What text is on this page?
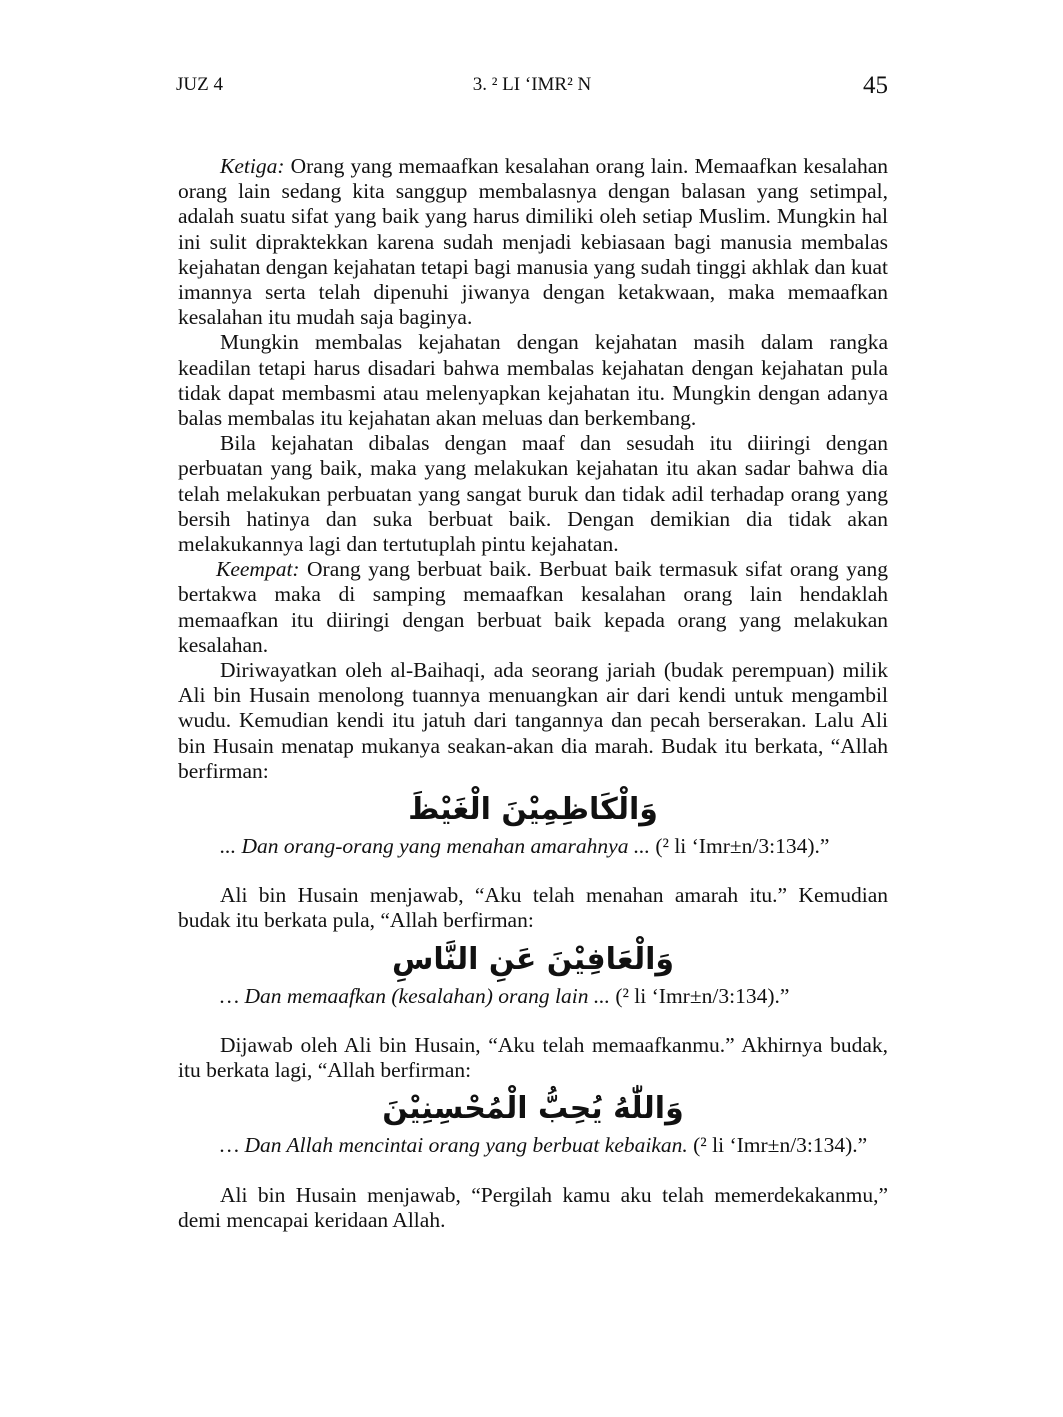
JUZ 4	3. ² LI ‘IMR² N	45

Ketiga: Orang yang memaafkan kesalahan orang lain. Memaafkan kesalahan orang lain sedang kita sanggup membalasnya dengan balasan yang setimpal, adalah suatu sifat yang baik yang harus dimiliki oleh setiap Muslim. Mungkin hal ini sulit dipraktekkan karena sudah menjadi kebiasaan bagi manusia membalas kejahatan dengan kejahatan tetapi bagi manusia yang sudah tinggi akhlak dan kuat imannya serta telah dipenuhi jiwanya dengan ketakwaan, maka memaafkan kesalahan itu mudah saja baginya.

Mungkin membalas kejahatan dengan kejahatan masih dalam rangka keadilan tetapi harus disadari bahwa membalas kejahatan dengan kejahatan pula tidak dapat membasmi atau melenyapkan kejahatan itu. Mungkin dengan adanya balas membalas itu kejahatan akan meluas dan berkembang.

Bila kejahatan dibalas dengan maaf dan sesudah itu diiringi dengan perbuatan yang baik, maka yang melakukan kejahatan itu akan sadar bahwa dia telah melakukan perbuatan yang sangat buruk dan tidak adil terhadap orang yang bersih hatinya dan suka berbuat baik. Dengan demikian dia tidak akan melakukannya lagi dan tertutuplah pintu kejahatan.

Keempat: Orang yang berbuat baik. Berbuat baik termasuk sifat orang yang bertakwa maka di samping memaafkan kesalahan orang lain hendaklah memaafkan itu diiringi dengan berbuat baik kepada orang yang melakukan kesalahan.

Diriwayatkan oleh al-Baihaqi, ada seorang jariah (budak perempuan) milik Ali bin Husain menolong tuannya menuangkan air dari kendi untuk mengambil wudu. Kemudian kendi itu jatuh dari tangannya dan pecah berserakan. Lalu Ali bin Husain menatap mukanya seakan-akan dia marah. Budak itu berkata, “Allah berfirman:

وَالْكَاظِمِيْنَ الْغَيْظَ

... Dan orang-orang yang menahan amarahnya ... (² li ‘Imr±n/3:134).”

Ali bin Husain menjawab, “Aku telah menahan amarah itu.” Kemudian budak itu berkata pula, “Allah berfirman:

وَالْعَافِيْنَ عَنِ النَّاسِ

… Dan memaafkan (kesalahan) orang lain ... (² li ‘Imr±n/3:134).”

Dijawab oleh Ali bin Husain, “Aku telah memaafkanmu.” Akhirnya budak, itu berkata lagi, “Allah berfirman:

وَاللّٰهُ يُحِبُّ الْمُحْسِنِيْنَ

… Dan Allah mencintai orang yang berbuat kebaikan. (² li ‘Imr±n/3:134).”

Ali bin Husain menjawab, “Pergilah kamu aku telah memerdekakanmu,” demi mencapai keridaan Allah.
